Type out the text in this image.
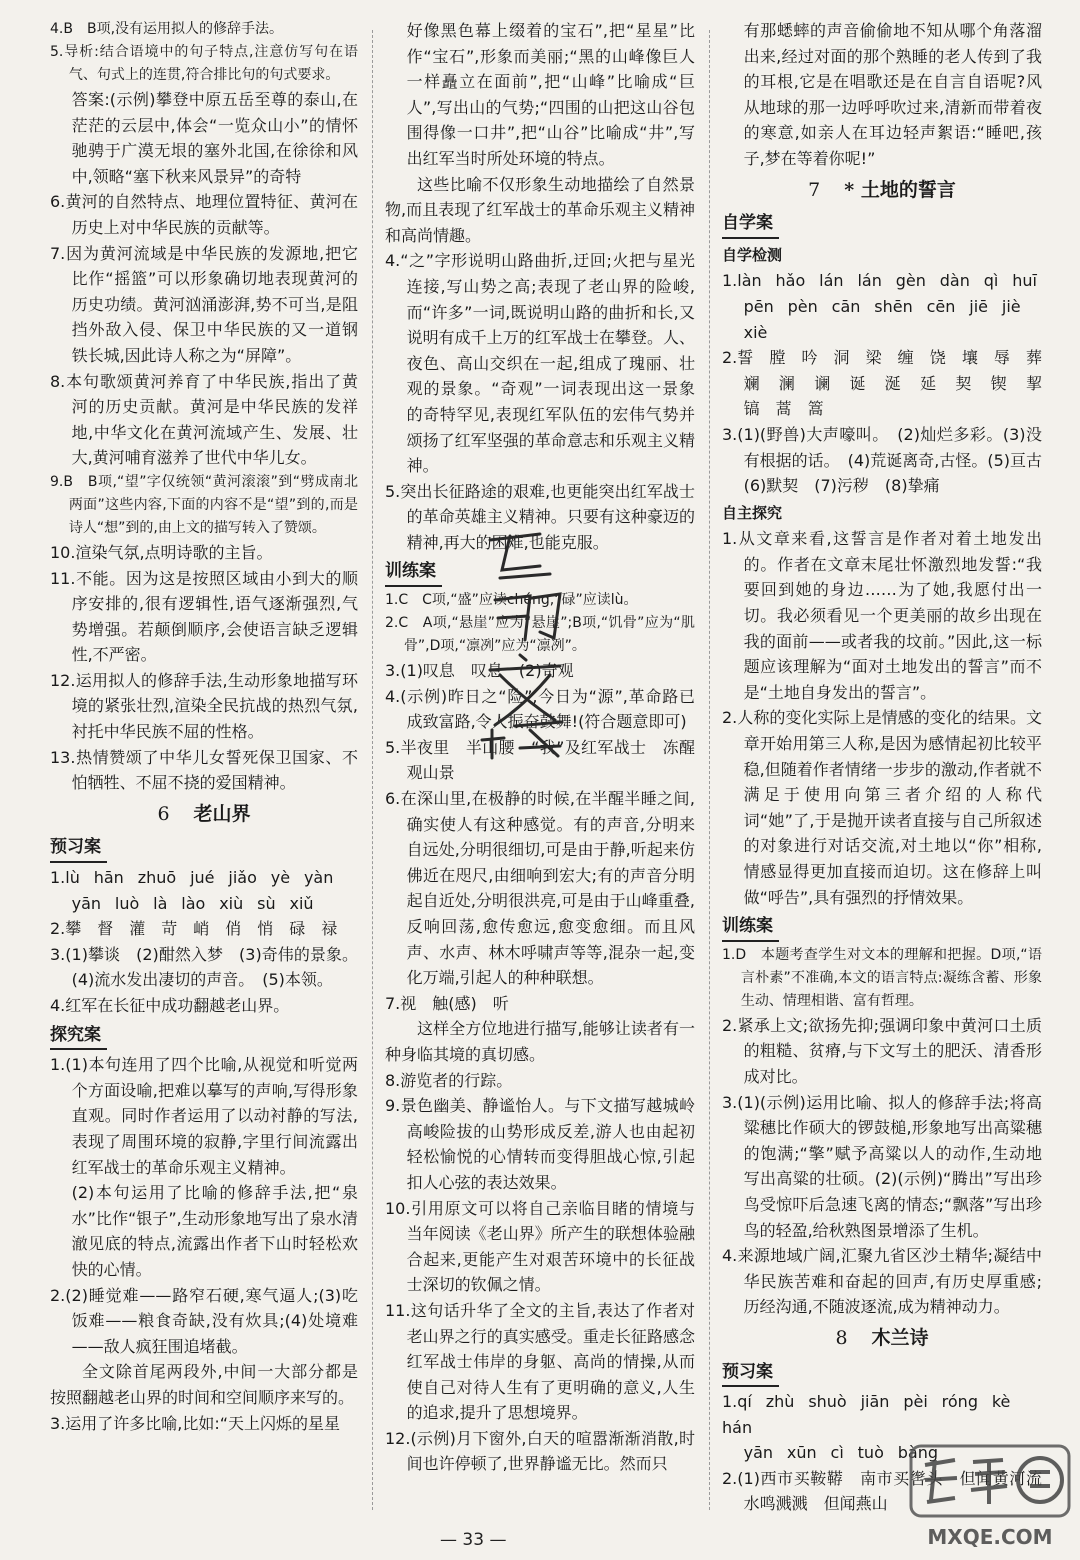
4.B　B项,没有运用拟人的修辞手法。

5.导析:结合语境中的句子特点,注意仿写句在语气、句式上的连贯,符合排比句的句式要求。

答案:(示例)攀登中原五岳至尊的泰山,在茫茫的云层中,体会“一览众山小”的情怀　驰骋于广漠无垠的塞外北国,在徐徐和风中,领略“塞下秋来风景异”的奇特

6.黄河的自然特点、地理位置特征、黄河在历史上对中华民族的贡献等。

7.因为黄河流域是中华民族的发源地,把它比作“摇篮”可以形象确切地表现黄河的历史功绩。黄河汹涌澎湃,势不可当,是阻挡外敌入侵、保卫中华民族的又一道钢铁长城,因此诗人称之为“屏障”。

8.本句歌颂黄河养育了中华民族,指出了黄河的历史贡献。黄河是中华民族的发祥地,中华文化在黄河流域产生、发展、壮大,黄河哺育滋养了世代中华儿女。

9.B　B项,“望”字仅统领“黄河滚滚”到“劈成南北两面”这些内容,下面的内容不是“望”到的,而是诗人“想”到的,由上文的描写转入了赞颂。

10.渲染气氛,点明诗歌的主旨。

11.不能。因为这是按照区域由小到大的顺序安排的,很有逻辑性,语气逐渐强烈,气势增强。若颠倒顺序,会使语言缺乏逻辑性,不严密。

12.运用拟人的修辞手法,生动形象地描写环境的紧张壮烈,渲染全民抗战的热烈气氛,衬托中华民族不屈的性格。

13.热情赞颂了中华儿女誓死保卫国家、不怕牺牲、不屈不挠的爱国精神。

6 老山界
预习案

1.lù hān zhuō jué jiǎo yè yàn

yān luò là lào xiù sù xiǔ

2.攀　督　灌　苛　峭　俏　悄　碌　禄

3.(1)攀谈　(2)酣然入梦　(3)奇伟的景象。(4)流水发出凄切的声音。　(5)本领。

4.红军在长征中成功翻越老山界。

探究案

1.(1)本句连用了四个比喻,从视觉和听觉两个方面设喻,把难以摹写的声响,写得形象直观。同时作者运用了以动衬静的写法,表现了周围环境的寂静,字里行间流露出红军战士的革命乐观主义精神。

(2)本句运用了比喻的修辞手法,把“泉水”比作“银子”,生动形象地写出了泉水清澈见底的特点,流露出作者下山时轻松欢快的心情。

2.(2)睡觉难——路窄石硬,寒气逼人;(3)吃饭难——粮食奇缺,没有炊具;(4)处境难——敌人疯狂围追堵截。

全文除首尾两段外,中间一大部分都是按照翻越老山界的时间和空间顺序来写的。

3.运用了许多比喻,比如:“天上闪烁的星星

好像黑色幕上缀着的宝石”,把“星星”比作“宝石”,形象而美丽;“黑的山峰像巨人一样矗立在面前”,把“山峰”比喻成“巨人”,写出山的气势;“四围的山把这山谷包围得像一口井”,把“山谷”比喻成“井”,写出红军当时所处环境的特点。

这些比喻不仅形象生动地描绘了自然景物,而且表现了红军战士的革命乐观主义精神和高尚情趣。

4.“之”字形说明山路曲折,迂回;火把与星光连接,写山势之高;表现了老山界的险峻,而“许多”一词,既说明山路的曲折和长,又说明有成千上万的红军战士在攀登。人、夜色、高山交织在一起,组成了瑰丽、壮观的景象。“奇观”一词表现出这一景象的奇特罕见,表现红军队伍的宏伟气势并颂扬了红军坚强的革命意志和乐观主义精神。

5.突出长征路途的艰难,也更能突出红军战士的革命英雄主义精神。只要有这种豪迈的精神,再大的困难,也能克服。

训练案

1.C　C项,“盛”应读chéng,“碌”应读lù。

2.C　A项,“悬崖”应为“悬崖”;B项,“饥骨”应为“肌骨”,D项,“凛冽”应为“凛冽”。

3.(1)叹息　叹息　(2)奇观

4.(示例)昨日之“险”,今日为“源”,革命路已成致富路,令人振奋鼓舞!(符合题意即可)

5.半夜里　半山腰　“我”及红军战士　冻醒　观山景

6.在深山里,在极静的时候,在半醒半睡之间,确实使人有这种感觉。有的声音,分明来自远处,分明很细切,可是由于静,听起来仿佛近在咫尺,由细响到宏大;有的声音分明起自近处,分明很洪亮,可是由于山峰重叠,反响回荡,愈传愈远,愈变愈细。而且风声、水声、林木呼啸声等等,混杂一起,变化万端,引起人的种种联想。

7.视　触(感)　听

这样全方位地进行描写,能够让读者有一种身临其境的真切感。

8.游览者的行踪。

9.景色幽美、静谧怡人。与下文描写越城岭高峻险拔的山势形成反差,游人也由起初轻松愉悦的心情转而变得胆战心惊,引起扣人心弦的表达效果。

10.引用原文可以将自己亲临目睹的情境与当年阅读《老山界》所产生的联想体验融合起来,更能产生对艰苦环境中的长征战士深切的钦佩之情。

11.这句话升华了全文的主旨,表达了作者对老山界之行的真实感受。重走长征路感念红军战士伟岸的身躯、高尚的情操,从而使自己对待人生有了更明确的意义,人生的追求,提升了思想境界。

12.(示例)月下窗外,白天的喧嚣渐渐消散,时间也许停顿了,世界静谧无比。然而只

有那蟋蟀的声音偷偷地不知从哪个角落溜出来,经过对面的那个熟睡的老人传到了我的耳根,它是在唱歌还是在自言自语呢?风从地球的那一边呼呼吹过来,清新而带着夜的寒意,如亲人在耳边轻声絮语:“睡吧,孩子,梦在等着你呢!”

7 * 土地的誓言
自学案
自学检测

1.làn hǎo lán lán gèn dàn qì huī

pēn pèn cān shēn cēn jiē jiè

xiè

2.誓　膛　吟　洞　梁　缠　饶　壤　辱　葬　斓　澜　谰　诞　涎　延　契　锲　挈　镐　蒿　篙

3.(1)(野兽)大声嚎叫。　(2)灿烂多彩。(3)没有根据的话。　(4)荒诞离奇,古怪。(5)亘古　(6)默契　(7)污秽　(8)挚痛

自主探究

1.从文章来看,这誓言是作者对着土地发出的。作者在文章末尾壮怀激烈地发誓:“我要回到她的身边……为了她,我愿付出一切。我必须看见一个更美丽的故乡出现在我的面前——或者我的坟前。”因此,这一标题应该理解为“面对土地发出的誓言”而不是“土地自身发出的誓言”。

2.人称的变化实际上是情感的变化的结果。文章开始用第三人称,是因为感情起初比较平稳,但随着作者情绪一步步的激动,作者就不满足于使用向第三者介绍的人称代词“她”了,于是抛开读者直接与自己所叙述的对象进行对话交流,对土地以“你”相称,情感显得更加直接而迫切。这在修辞上叫做“呼告”,具有强烈的抒情效果。

训练案

1.D　本题考查学生对文本的理解和把握。D项,“语言朴素”不准确,本文的语言特点:凝练含蓄、形象生动、情理相谐、富有哲理。

2.紧承上文;欲扬先抑;强调印象中黄河口土质的粗糙、贫瘠,与下文写土的肥沃、清香形成对比。

3.(1)(示例)运用比喻、拟人的修辞手法;将高粱穗比作硕大的锣鼓槌,形象地写出高粱穗的饱满;“擎”赋予高粱以人的动作,生动地写出高粱的壮硕。(2)(示例)“腾出”写出珍鸟受惊吓后急速飞离的情态;“飘落”写出珍鸟的轻盈,给秋熟图景增添了生机。

4.来源地域广阔,汇聚九省区沙土精华;凝结中华民族苦难和奋起的回声,有历史厚重感;历经沟通,不随波逐流,成为精神动力。

8 木兰诗
预习案

1.qí zhù shuò jiān pèi róng kè hán

yān xūn cì tuò bàng

2.(1)西市买鞍鞯　南市买辔头　但闻黄河流水鸣溅溅　但闻燕山

MXQE.COM
— 33 —
